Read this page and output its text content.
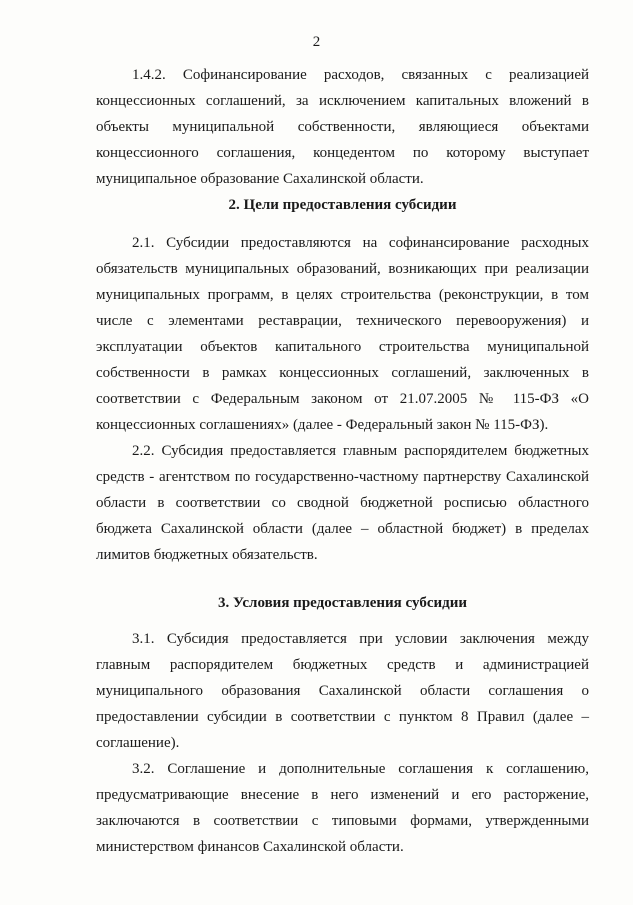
2

1.4.2. Софинансирование расходов, связанных с реализацией концессионных соглашений, за исключением капитальных вложений в объекты муниципальной собственности, являющиеся объектами концессионного соглашения, концедентом по которому выступает муниципальное образование Сахалинской области.

2. Цели предоставления субсидии

2.1. Субсидии предоставляются на софинансирование расходных обязательств муниципальных образований, возникающих при реализации муниципальных программ, в целях строительства (реконструкции, в том числе с элементами реставрации, технического перевооружения) и эксплуатации объектов капитального строительства муниципальной собственности в рамках концессионных соглашений, заключенных в соответствии с Федеральным законом от 21.07.2005 № 115-ФЗ «О концессионных соглашениях» (далее - Федеральный закон № 115-ФЗ).

2.2. Субсидия предоставляется главным распорядителем бюджетных средств - агентством по государственно-частному партнерству Сахалинской области в соответствии со сводной бюджетной росписью областного бюджета Сахалинской области (далее – областной бюджет) в пределах лимитов бюджетных обязательств.

3. Условия предоставления субсидии

3.1. Субсидия предоставляется при условии заключения между главным распорядителем бюджетных средств и администрацией муниципального образования Сахалинской области соглашения о предоставлении субсидии в соответствии с пунктом 8 Правил (далее – соглашение).

3.2. Соглашение и дополнительные соглашения к соглашению, предусматривающие внесение в него изменений и его расторжение, заключаются в соответствии с типовыми формами, утвержденными министерством финансов Сахалинской области.
